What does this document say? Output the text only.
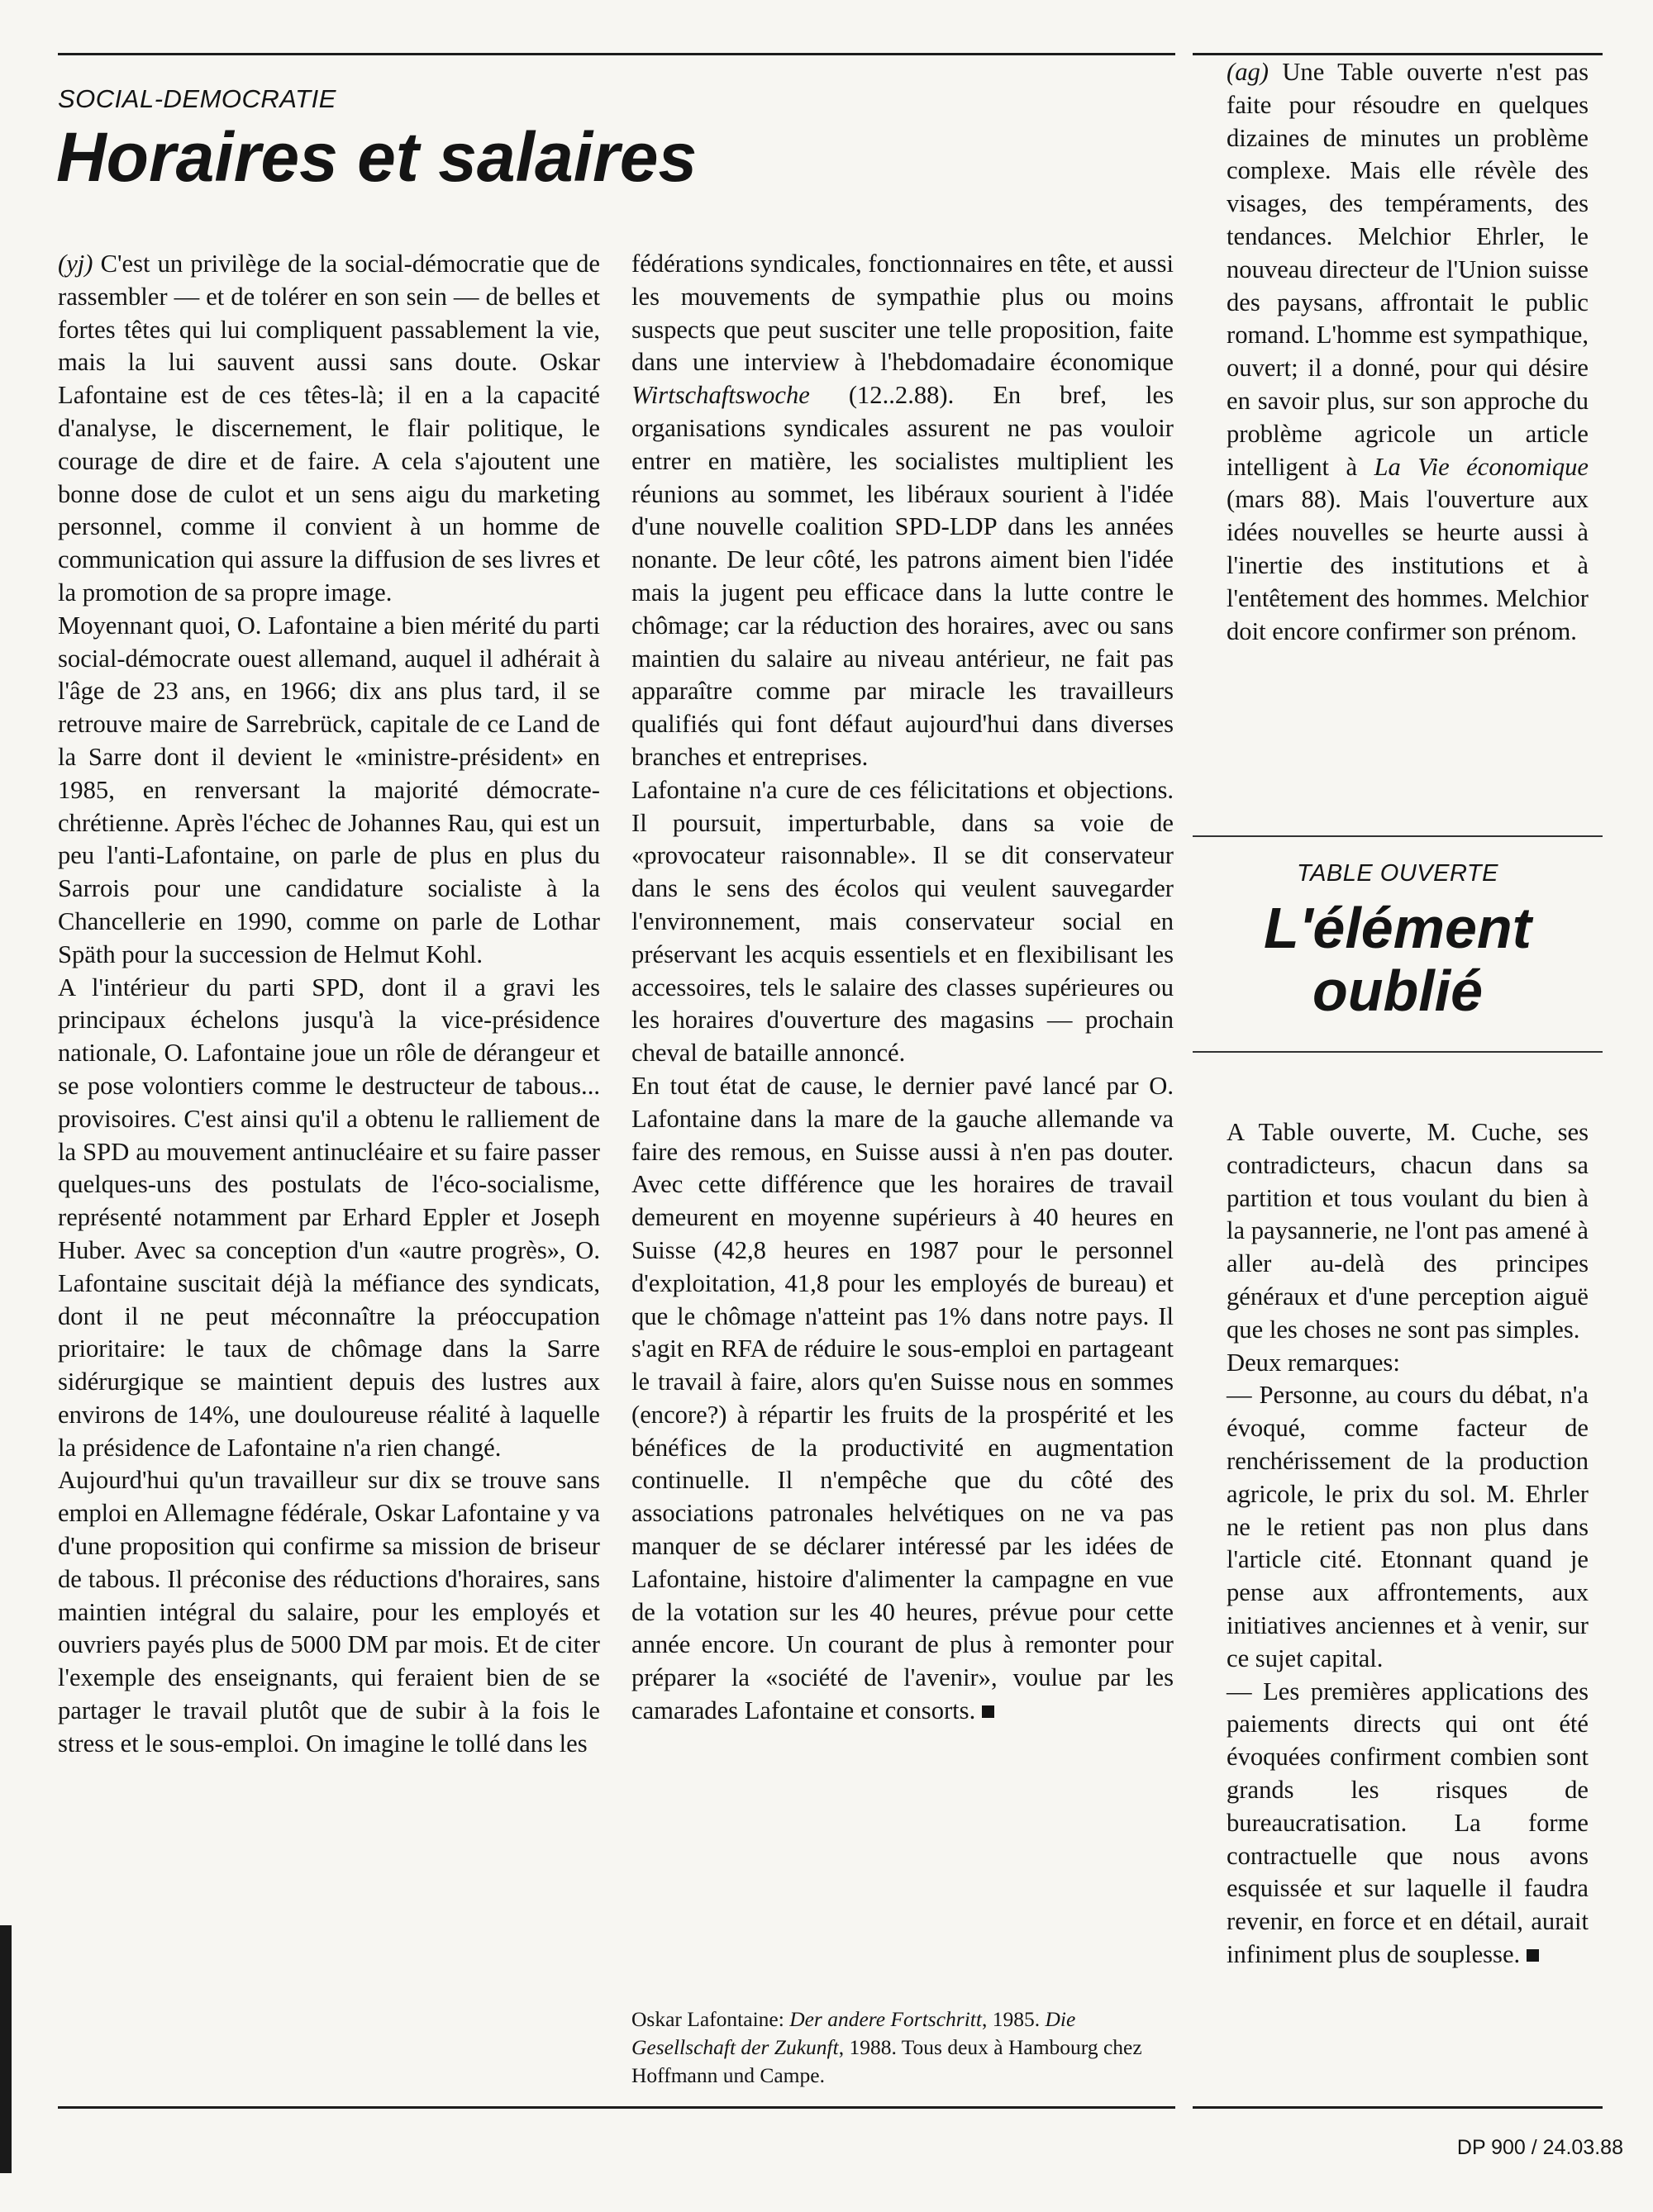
SOCIAL-DEMOCRATIE
Horaires et salaires

(yj) C'est un privilège de la social-démocratie que de rassembler — et de tolérer en son sein — de belles et fortes têtes qui lui compliquent passablement la vie, mais la lui sauvent aussi sans doute. Oskar Lafontaine est de ces têtes-là; il en a la capacité d'analyse, le discernement, le flair politique, le courage de dire et de faire. A cela s'ajoutent une bonne dose de culot et un sens aigu du marketing personnel, comme il convient à un homme de communication qui assure la diffusion de ses livres et la promotion de sa propre image.

Moyennant quoi, O. Lafontaine a bien mérité du parti social-démocrate ouest allemand, auquel il adhérait à l'âge de 23 ans, en 1966; dix ans plus tard, il se retrouve maire de Sarrebrück, capitale de ce Land de la Sarre dont il devient le «ministre-président» en 1985, en renversant la majorité démocrate-chrétienne. Après l'échec de Johannes Rau, qui est un peu l'anti-Lafontaine, on parle de plus en plus du Sarrois pour une candidature socialiste à la Chancellerie en 1990, comme on parle de Lothar Späth pour la succession de Helmut Kohl.

A l'intérieur du parti SPD, dont il a gravi les principaux échelons jusqu'à la vice-présidence nationale, O. Lafontaine joue un rôle de dérangeur et se pose volontiers comme le destructeur de tabous... provisoires. C'est ainsi qu'il a obtenu le ralliement de la SPD au mouvement antinucléaire et su faire passer quelques-uns des postulats de l'éco-socialisme, représenté notamment par Erhard Eppler et Joseph Huber. Avec sa conception d'un «autre progrès», O. Lafontaine suscitait déjà la méfiance des syndicats, dont il ne peut méconnaître la préoccupation prioritaire: le taux de chômage dans la Sarre sidérurgique se maintient depuis des lustres aux environs de 14%, une douloureuse réalité à laquelle la présidence de Lafontaine n'a rien changé.

Aujourd'hui qu'un travailleur sur dix se trouve sans emploi en Allemagne fédérale, Oskar Lafontaine y va d'une proposition qui confirme sa mission de briseur de tabous. Il préconise des réductions d'horaires, sans maintien intégral du salaire, pour les employés et ouvriers payés plus de 5000 DM par mois. Et de citer l'exemple des enseignants, qui feraient bien de se partager le travail plutôt que de subir à la fois le stress et le sous-emploi. On imagine le tollé dans les

fédérations syndicales, fonctionnaires en tête, et aussi les mouvements de sympathie plus ou moins suspects que peut susciter une telle proposition, faite dans une interview à l'hebdomadaire économique Wirtschaftswoche (12..2.88). En bref, les organisations syndicales assurent ne pas vouloir entrer en matière, les socialistes multiplient les réunions au sommet, les libéraux sourient à l'idée d'une nouvelle coalition SPD-LDP dans les années nonante. De leur côté, les patrons aiment bien l'idée mais la jugent peu efficace dans la lutte contre le chômage; car la réduction des horaires, avec ou sans maintien du salaire au niveau antérieur, ne fait pas apparaître comme par miracle les travailleurs qualifiés qui font défaut aujourd'hui dans diverses branches et entreprises.

Lafontaine n'a cure de ces félicitations et objections. Il poursuit, imperturbable, dans sa voie de «provocateur raisonnable». Il se dit conservateur dans le sens des écolos qui veulent sauvegarder l'environnement, mais conservateur social en préservant les acquis essentiels et en flexibilisant les accessoires, tels le salaire des classes supérieures ou les horaires d'ouverture des magasins — prochain cheval de bataille annoncé.

En tout état de cause, le dernier pavé lancé par O. Lafontaine dans la mare de la gauche allemande va faire des remous, en Suisse aussi à n'en pas douter. Avec cette différence que les horaires de travail demeurent en moyenne supérieurs à 40 heures en Suisse (42,8 heures en 1987 pour le personnel d'exploitation, 41,8 pour les employés de bureau) et que le chômage n'atteint pas 1% dans notre pays. Il s'agit en RFA de réduire le sous-emploi en partageant le travail à faire, alors qu'en Suisse nous en sommes (encore?) à répartir les fruits de la prospérité et les bénéfices de la productivité en augmentation continuelle. Il n'empêche que du côté des associations patronales helvétiques on ne va pas manquer de se déclarer intéressé par les idées de Lafontaine, histoire d'alimenter la campagne en vue de la votation sur les 40 heures, prévue pour cette année encore. Un courant de plus à remonter pour préparer la «société de l'avenir», voulue par les camarades Lafontaine et consorts.

Oskar Lafontaine: Der andere Fortschritt, 1985. Die Gesellschaft der Zukunft, 1988. Tous deux à Hambourg chez Hoffmann und Campe.

(ag) Une Table ouverte n'est pas faite pour résoudre en quelques dizaines de minutes un problème complexe. Mais elle révèle des visages, des tempéraments, des tendances. Melchior Ehrler, le nouveau directeur de l'Union suisse des paysans, affrontait le public romand. L'homme est sympathique, ouvert; il a donné, pour qui désire en savoir plus, sur son approche du problème agricole un article intelligent à La Vie économique (mars 88). Mais l'ouverture aux idées nouvelles se heurte aussi à l'inertie des institutions et à l'entêtement des hommes. Melchior doit encore confirmer son prénom.

TABLE OUVERTE
L'élément
oublié

A Table ouverte, M. Cuche, ses contradicteurs, chacun dans sa partition et tous voulant du bien à la paysannerie, ne l'ont pas amené à aller au-delà des principes généraux et d'une perception aiguë que les choses ne sont pas simples.

Deux remarques:

— Personne, au cours du débat, n'a évoqué, comme facteur de renchérissement de la production agricole, le prix du sol. M. Ehrler ne le retient pas non plus dans l'article cité. Etonnant quand je pense aux affrontements, aux initiatives anciennes et à venir, sur ce sujet capital.

— Les premières applications des paiements directs qui ont été évoquées confirment combien sont grands les risques de bureaucratisation. La forme contractuelle que nous avons esquissée et sur laquelle il faudra revenir, en force et en détail, aurait infiniment plus de souplesse.

DP 900 / 24.03.88
